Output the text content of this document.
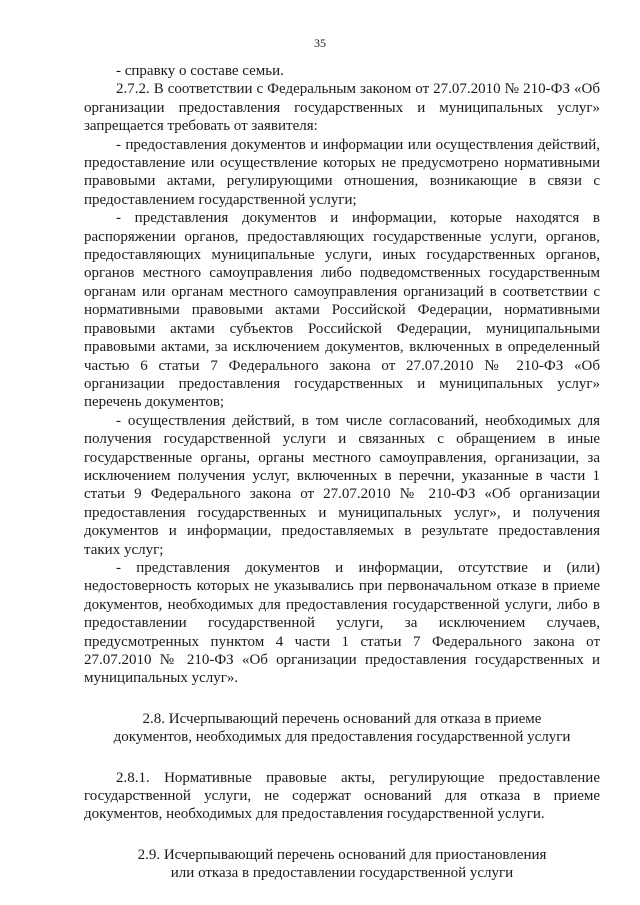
35

- справку о составе семьи.

2.7.2. В соответствии с Федеральным законом от 27.07.2010 № 210-ФЗ «Об организации предоставления государственных и муниципальных услуг» запрещается требовать от заявителя:

- предоставления документов и информации или осуществления действий, предоставление или осуществление которых не предусмотрено нормативными правовыми актами, регулирующими отношения, возникающие в связи с предоставлением государственной услуги;

- представления документов и информации, которые находятся в распоряжении органов, предоставляющих государственные услуги, органов, предоставляющих муниципальные услуги, иных государственных органов, органов местного самоуправления либо подведомственных государственным органам или органам местного самоуправления организаций в соответствии с нормативными правовыми актами Российской Федерации, нормативными правовыми актами субъектов Российской Федерации, муниципальными правовыми актами, за исключением документов, включенных в определенный частью 6 статьи 7 Федерального закона от 27.07.2010 № 210-ФЗ «Об организации предоставления государственных и муниципальных услуг» перечень документов;

- осуществления действий, в том числе согласований, необходимых для получения государственной услуги и связанных с обращением в иные государственные органы, органы местного самоуправления, организации, за исключением получения услуг, включенных в перечни, указанные в части 1 статьи 9 Федерального закона от 27.07.2010 № 210-ФЗ «Об организации предоставления государственных и муниципальных услуг», и получения документов и информации, предоставляемых в результате предоставления таких услуг;

- представления документов и информации, отсутствие и (или) недостоверность которых не указывались при первоначальном отказе в приеме документов, необходимых для предоставления государственной услуги, либо в предоставлении государственной услуги, за исключением случаев, предусмотренных пунктом 4 части 1 статьи 7 Федерального закона от 27.07.2010 № 210-ФЗ «Об организации предоставления государственных и муниципальных услуг».

2.8. Исчерпывающий перечень оснований для отказа в приеме

документов, необходимых для предоставления государственной услуги

2.8.1. Нормативные правовые акты, регулирующие предоставление государственной услуги, не содержат оснований для отказа в приеме документов, необходимых для предоставления государственной услуги.

2.9. Исчерпывающий перечень оснований для приостановления

или отказа в предоставлении государственной услуги
